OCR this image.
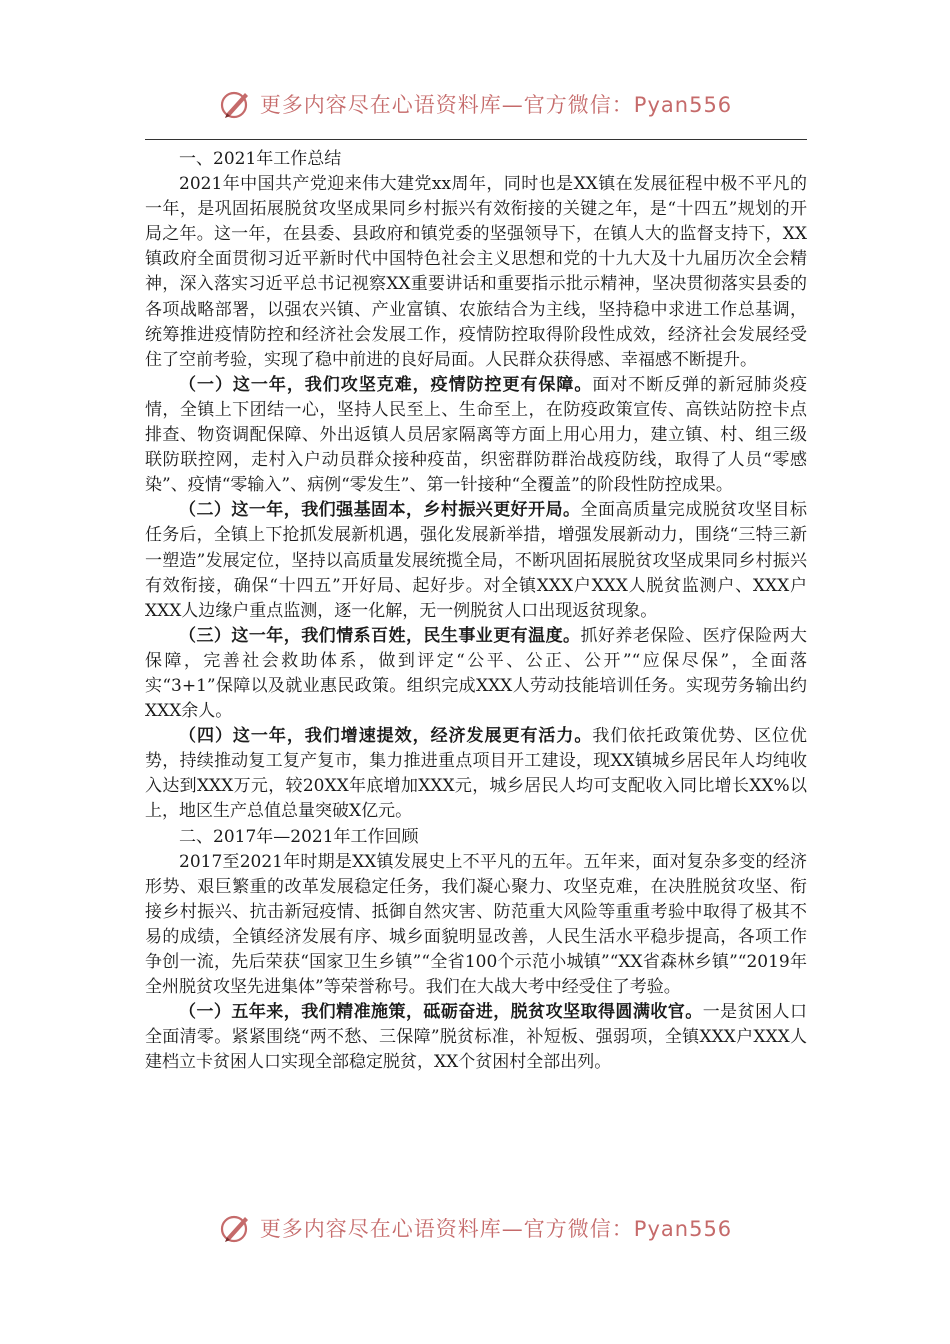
更多内容尽在心语资料库—官方微信：Pyan556

一、2021年工作总结

2021年中国共产党迎来伟大建党xx周年，同时也是XX镇在发展征程中极不平凡的一年，是巩固拓展脱贫攻坚成果同乡村振兴有效衔接的关键之年，是“十四五”规划的开局之年。这一年，在县委、县政府和镇党委的坚强领导下，在镇人大的监督支持下，XX镇政府全面贯彻习近平新时代中国特色社会主义思想和党的十九大及十九届历次全会精神，深入落实习近平总书记视察XX重要讲话和重要指示批示精神，坚决贯彻落实县委的各项战略部署，以强农兴镇、产业富镇、农旅结合为主线，坚持稳中求进工作总基调，统筹推进疫情防控和经济社会发展工作，疫情防控取得阶段性成效，经济社会发展经受住了空前考验，实现了稳中前进的良好局面。人民群众获得感、幸福感不断提升。

（一）这一年，我们攻坚克难，疫情防控更有保障。面对不断反弹的新冠肺炎疫情，全镇上下团结一心，坚持人民至上、生命至上，在防疫政策宣传、高铁站防控卡点排查、物资调配保障、外出返镇人员居家隔离等方面上用心用力，建立镇、村、组三级联防联控网，走村入户动员群众接种疫苗，织密群防群治战疫防线，取得了人员“零感染”、疫情“零输入”、病例“零发生”、第一针接种“全覆盖”的阶段性防控成果。

（二）这一年，我们强基固本，乡村振兴更好开局。全面高质量完成脱贫攻坚目标任务后，全镇上下抢抓发展新机遇，强化发展新举措，增强发展新动力，围绕“三特三新一塑造”发展定位，坚持以高质量发展统揽全局，不断巩固拓展脱贫攻坚成果同乡村振兴有效衔接，确保“十四五”开好局、起好步。对全镇XXX户XXX人脱贫监测户、XXX户XXX人边缘户重点监测，逐一化解，无一例脱贫人口出现返贫现象。

（三）这一年，我们情系百姓，民生事业更有温度。抓好养老保险、医疗保险两大保障，完善社会救助体系，做到评定“公平、公正、公开”“应保尽保”，全面落实“3+1”保障以及就业惠民政策。组织完成XXX人劳动技能培训任务。实现劳务输出约XXX余人。

（四）这一年，我们增速提效，经济发展更有活力。我们依托政策优势、区位优势，持续推动复工复产复市，集力推进重点项目开工建设，现XX镇城乡居民年人均纯收入达到XXX万元，较20XX年底增加XXX元，城乡居民人均可支配收入同比增长XX%以上，地区生产总值总量突破X亿元。

二、2017年—2021年工作回顾

2017至2021年时期是XX镇发展史上不平凡的五年。五年来，面对复杂多变的经济形势、艰巨繁重的改革发展稳定任务，我们凝心聚力、攻坚克难，在决胜脱贫攻坚、衔接乡村振兴、抗击新冠疫情、抵御自然灾害、防范重大风险等重重考验中取得了极其不易的成绩，全镇经济发展有序、城乡面貌明显改善，人民生活水平稳步提高，各项工作争创一流，先后荣获“国家卫生乡镇”“全省100个示范小城镇”“XX省森林乡镇”“2019年全州脱贫攻坚先进集体”等荣誉称号。我们在大战大考中经受住了考验。

（一）五年来，我们精准施策，砥砺奋进，脱贫攻坚取得圆满收官。一是贫困人口全面清零。紧紧围绕“两不愁、三保障”脱贫标准，补短板、强弱项，全镇XXX户XXX人建档立卡贫困人口实现全部稳定脱贫，XX个贫困村全部出列。

更多内容尽在心语资料库—官方微信：Pyan556
